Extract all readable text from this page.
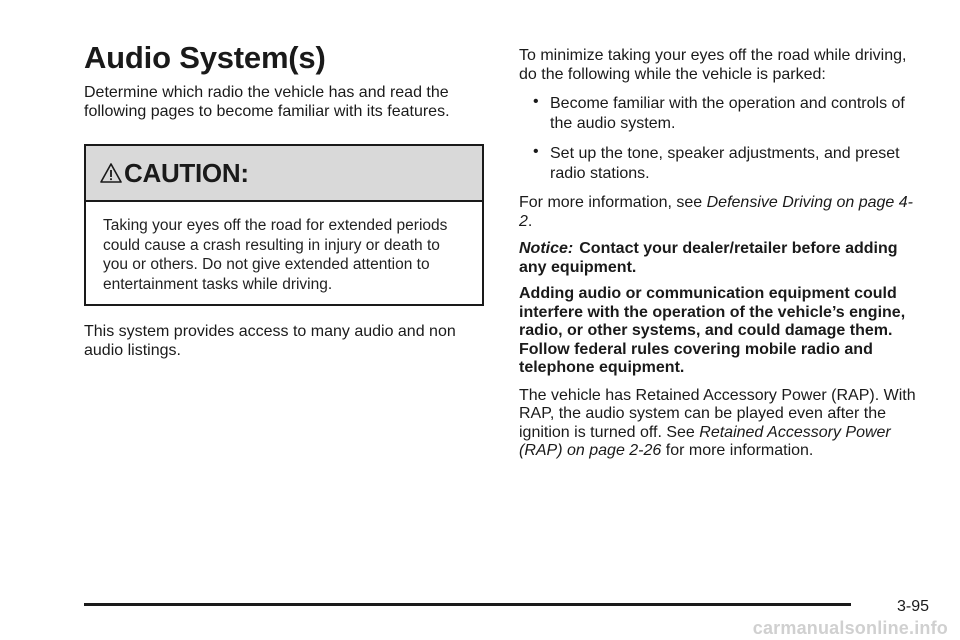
Audio System(s)

Determine which radio the vehicle has and read the following pages to become familiar with its features.

CAUTION:
Taking your eyes off the road for extended periods could cause a crash resulting in injury or death to you or others. Do not give extended attention to entertainment tasks while driving.

This system provides access to many audio and non audio listings.

To minimize taking your eyes off the road while driving, do the following while the vehicle is parked:

• Become familiar with the operation and controls of the audio system.
• Set up the tone, speaker adjustments, and preset radio stations.

For more information, see Defensive Driving on page 4-2.

Notice: Contact your dealer/retailer before adding any equipment.

Adding audio or communication equipment could interfere with the operation of the vehicle’s engine, radio, or other systems, and could damage them. Follow federal rules covering mobile radio and telephone equipment.

The vehicle has Retained Accessory Power (RAP). With RAP, the audio system can be played even after the ignition is turned off. See Retained Accessory Power (RAP) on page 2-26 for more information.

3-95
carmanualsonline.info
